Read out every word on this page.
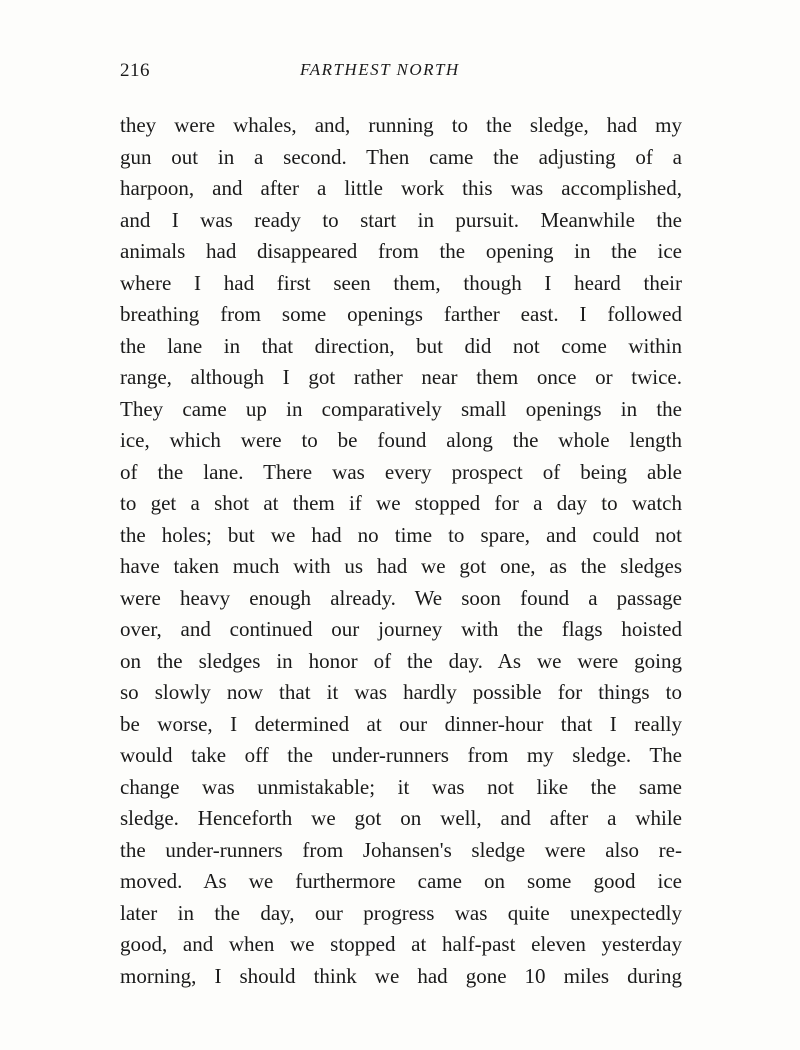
216	FARTHEST NORTH
they were whales, and, running to the sledge, had my
gun out in a second. Then came the adjusting of a
harpoon, and after a little work this was accomplished,
and I was ready to start in pursuit. Meanwhile the
animals had disappeared from the opening in the ice
where I had first seen them, though I heard their
breathing from some openings farther east. I followed
the lane in that direction, but did not come within
range, although I got rather near them once or twice.
They came up in comparatively small openings in the
ice, which were to be found along the whole length
of the lane. There was every prospect of being able
to get a shot at them if we stopped for a day to watch
the holes; but we had no time to spare, and could not
have taken much with us had we got one, as the sledges
were heavy enough already. We soon found a passage
over, and continued our journey with the flags hoisted
on the sledges in honor of the day. As we were going
so slowly now that it was hardly possible for things to
be worse, I determined at our dinner-hour that I really
would take off the under-runners from my sledge. The
change was unmistakable; it was not like the same
sledge. Henceforth we got on well, and after a while
the under-runners from Johansen's sledge were also re-
moved. As we furthermore came on some good ice
later in the day, our progress was quite unexpectedly
good, and when we stopped at half-past eleven yesterday
morning, I should think we had gone 10 miles during
